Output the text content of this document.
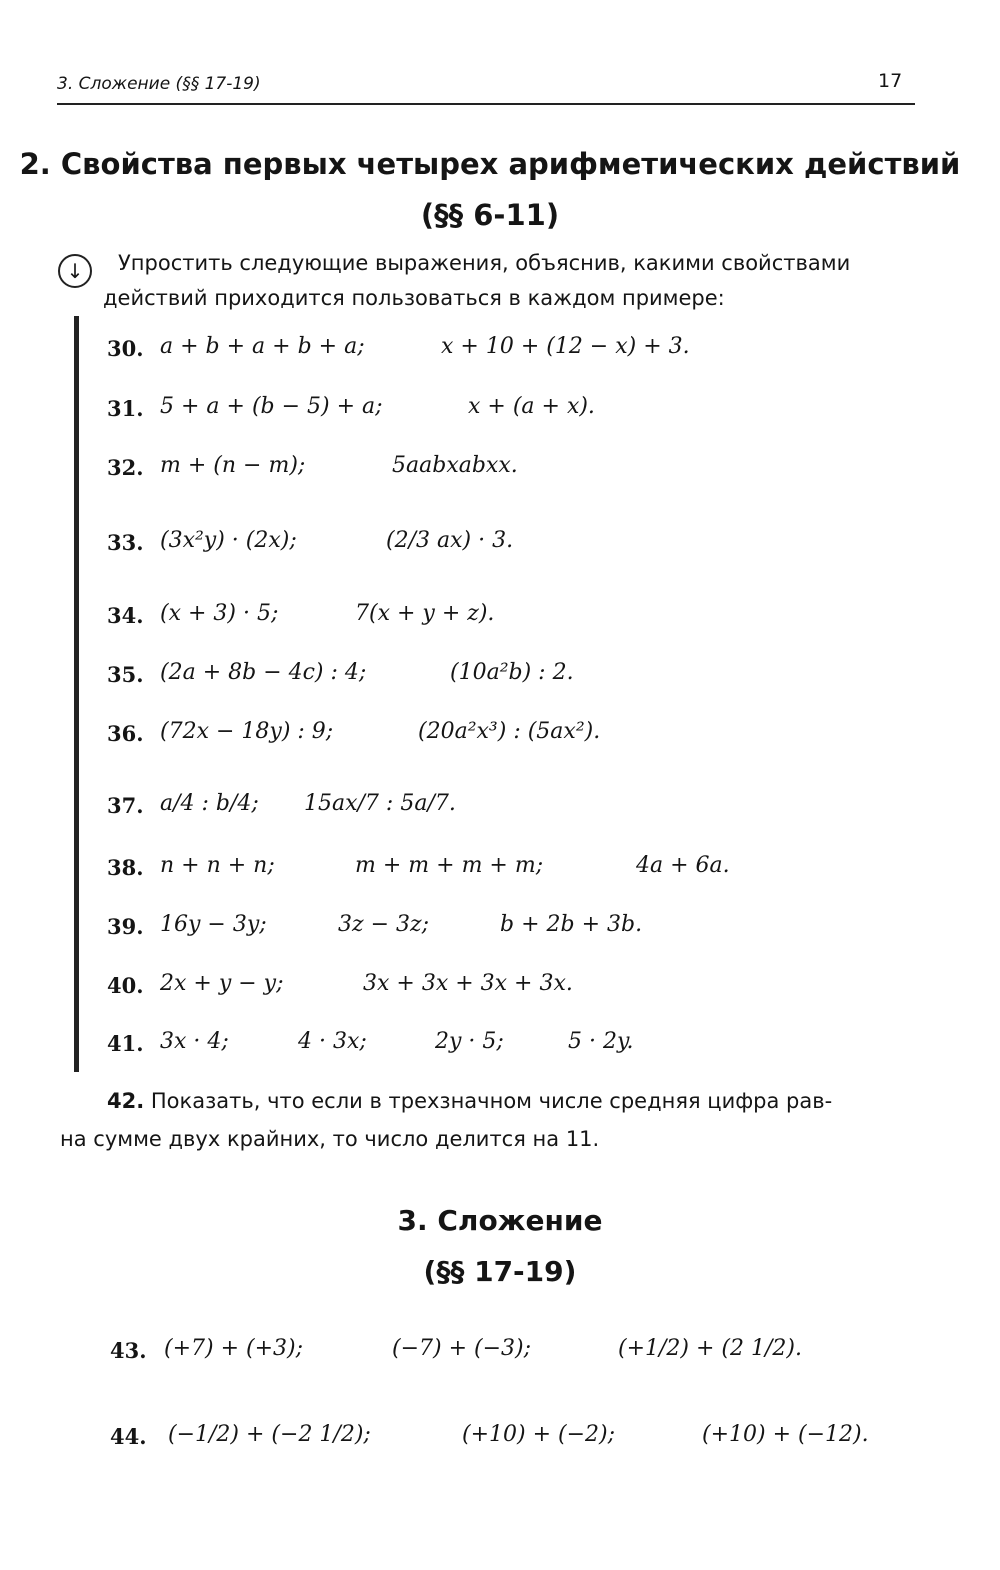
3. Сложение (§§ 17-19)	17
2. Свойства первых четырех арифметических действий
(§§ 6-11)
↓	Упростить следующие выражения, объяснив, какими свойствами
действий приходится пользоваться в каждом примере:
30. a + b + a + b + a;	x + 10 + (12 − x) + 3.
31. 5 + a + (b − 5) + a;	x + (a + x).
32. m + (n − m);	5aabxabxx.
33. (3x²y) · (2x);	(2/3 ax) · 3.
34. (x + 3) · 5;	7(x + y + z).
35. (2a + 8b − 4c) : 4;	(10a²b) : 2.
36. (72x − 18y) : 9;	(20a²x³) : (5ax²).
37. a/4 : b/4; 15ax/7 : 5a/7.
38. n + n + n;	m + m + m + m;	4a + 6a.
39. 16y − 3y;	3z − 3z;	b + 2b + 3b.
40. 2x + y − y;	3x + 3x + 3x + 3x.
41. 3x · 4;	4 · 3x;	2y · 5;	5 · 2y.
42. Показать, что если в трехзначном числе средняя цифра рав-
на сумме двух крайних, то число делится на 11.
3. Сложение
(§§ 17-19)
43. (+7) + (+3);	(−7) + (−3);	(+1/2) + (2 1/2).
44. (−1/2) + (−2 1/2);	(+10) + (−2);	(+10) + (−12).
